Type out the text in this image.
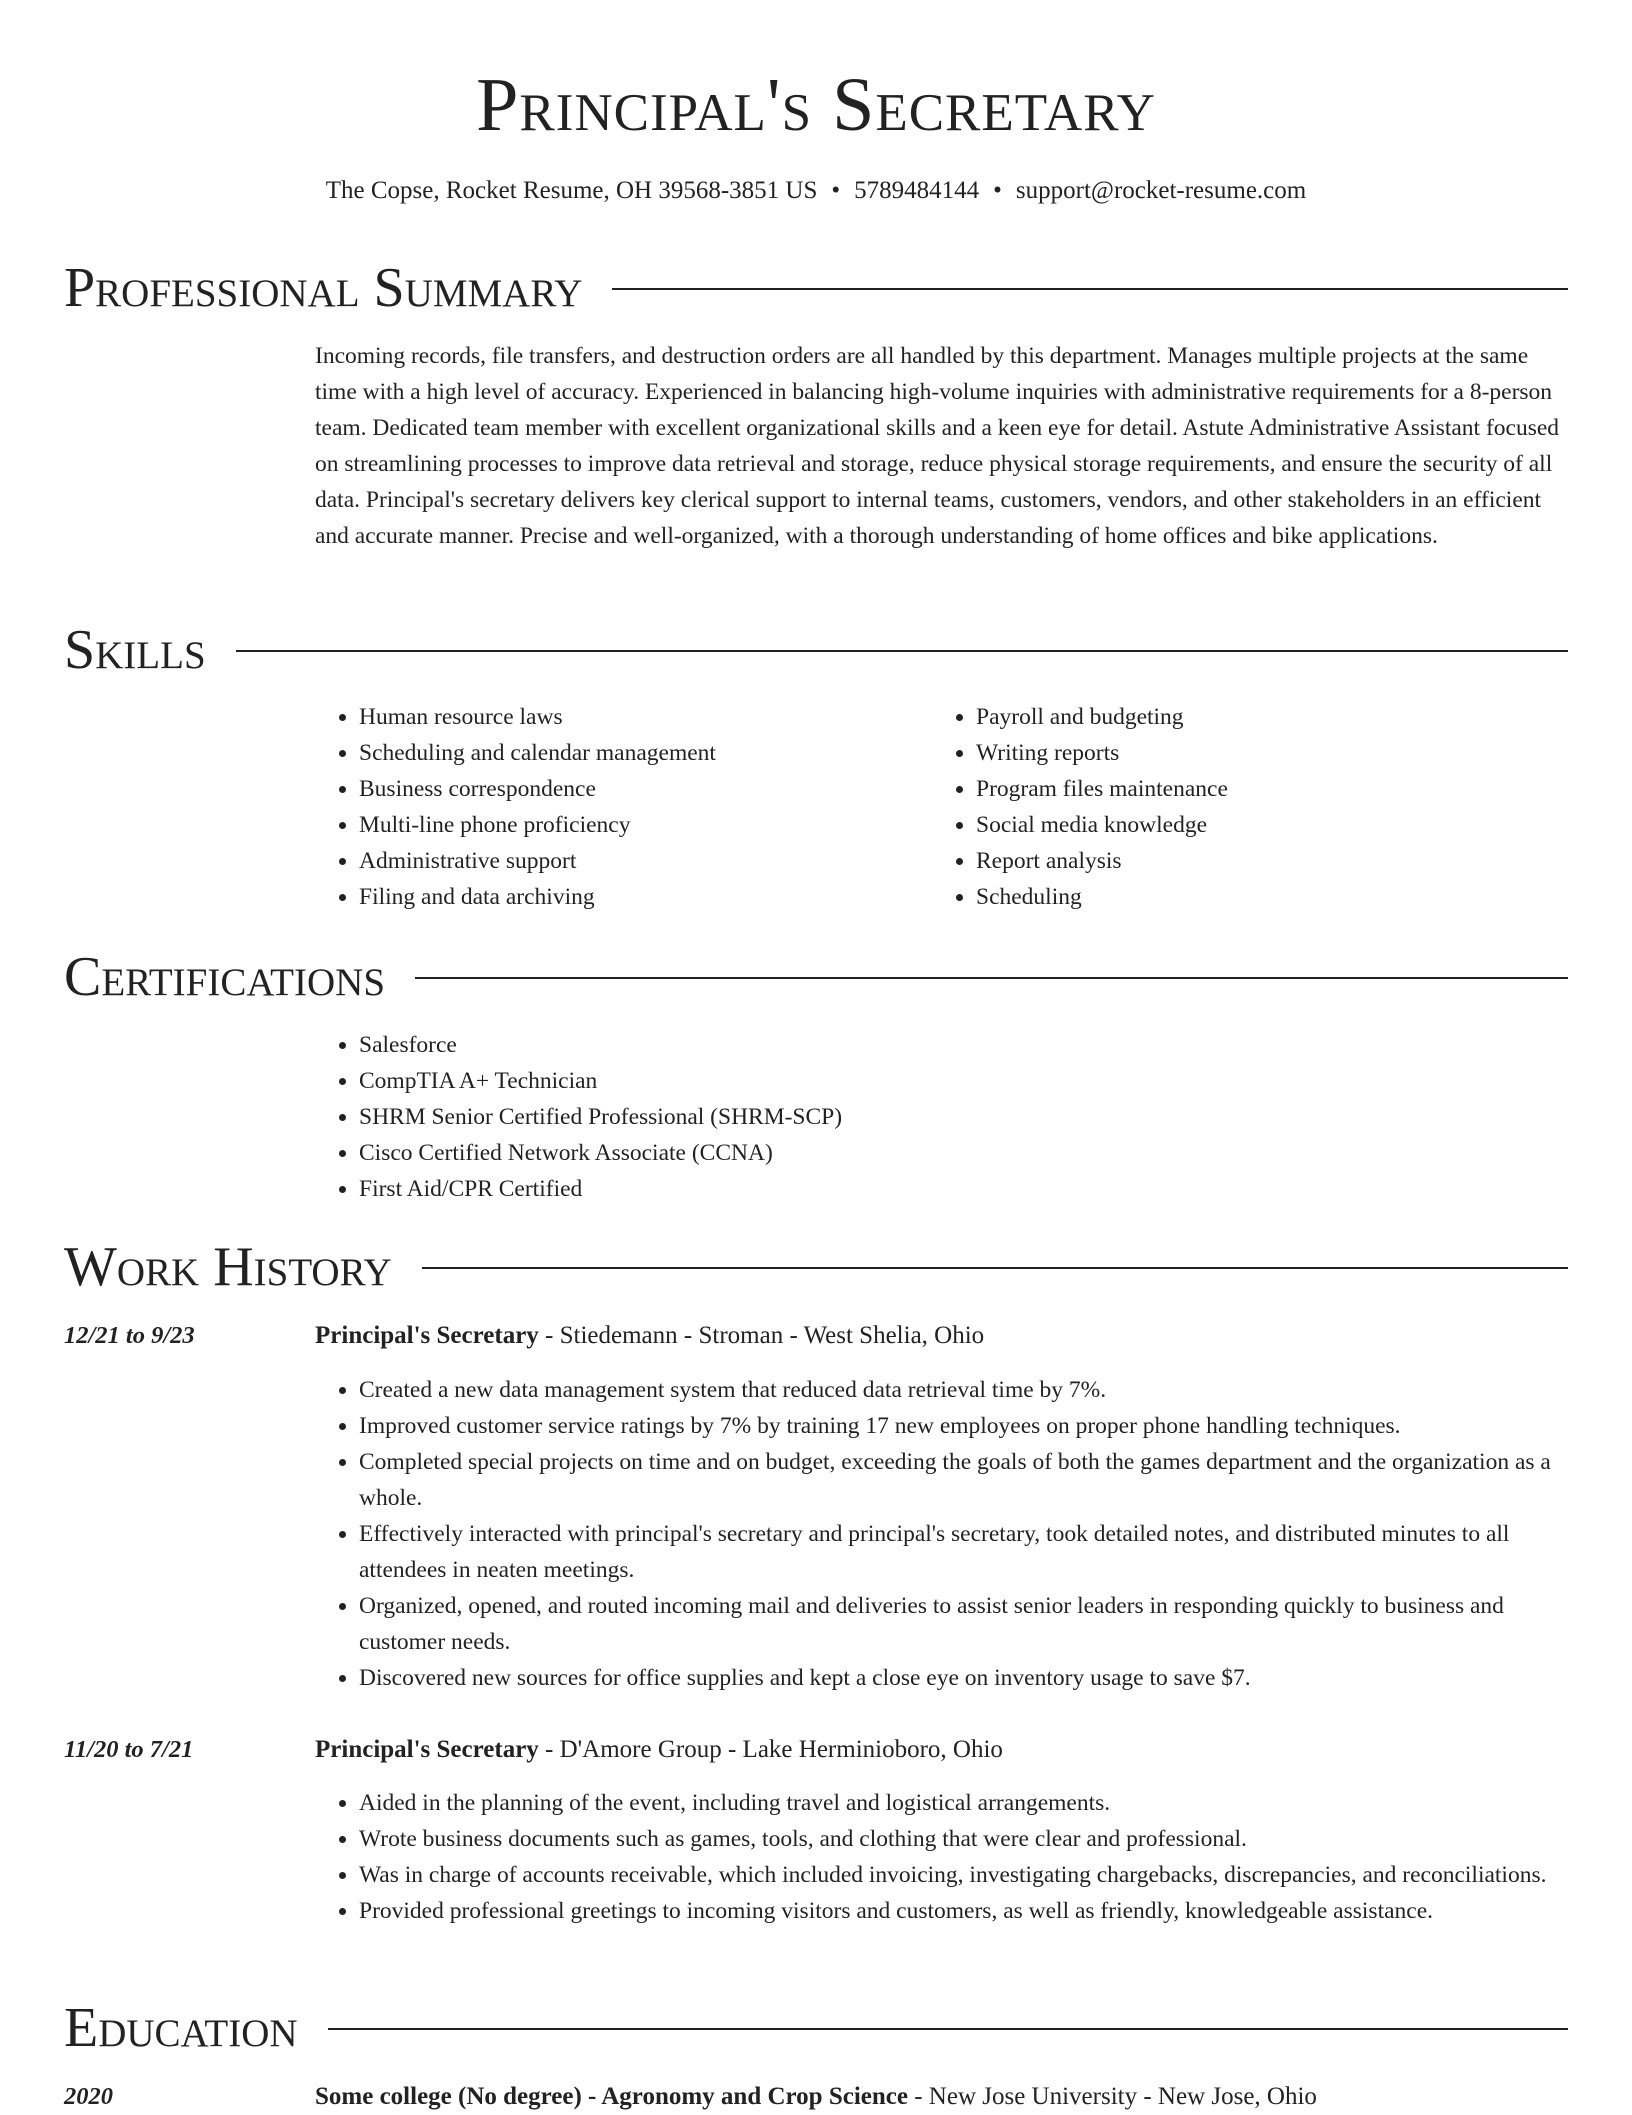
Principal's Secretary
The Copse, Rocket Resume, OH 39568-3851 US • 5789484144 • support@rocket-resume.com
Professional Summary

Incoming records, file transfers, and destruction orders are all handled by this department. Manages multiple projects at the same time with a high level of accuracy. Experienced in balancing high-volume inquiries with administrative requirements for a 8-person team. Dedicated team member with excellent organizational skills and a keen eye for detail. Astute Administrative Assistant focused on streamlining processes to improve data retrieval and storage, reduce physical storage requirements, and ensure the security of all data. Principal's secretary delivers key clerical support to internal teams, customers, vendors, and other stakeholders in an efficient and accurate manner. Precise and well-organized, with a thorough understanding of home offices and bike applications.

Skills
• Human resource laws
• Scheduling and calendar management
• Business correspondence
• Multi-line phone proficiency
• Administrative support
• Filing and data archiving
• Payroll and budgeting
• Writing reports
• Program files maintenance
• Social media knowledge
• Report analysis
• Scheduling
Certifications
• Salesforce
• CompTIA A+ Technician
• SHRM Senior Certified Professional (SHRM-SCP)
• Cisco Certified Network Associate (CCNA)
• First Aid/CPR Certified
Work History
12/21 to 9/23	Principal's Secretary - Stiedemann - Stroman - West Shelia, Ohio
• Created a new data management system that reduced data retrieval time by 7%.
• Improved customer service ratings by 7% by training 17 new employees on proper phone handling techniques.
• Completed special projects on time and on budget, exceeding the goals of both the games department and the organization as a whole.
• Effectively interacted with principal's secretary and principal's secretary, took detailed notes, and distributed minutes to all attendees in neaten meetings.
• Organized, opened, and routed incoming mail and deliveries to assist senior leaders in responding quickly to business and customer needs.
• Discovered new sources for office supplies and kept a close eye on inventory usage to save $7.
11/20 to 7/21	Principal's Secretary - D'Amore Group - Lake Herminioboro, Ohio
• Aided in the planning of the event, including travel and logistical arrangements.
• Wrote business documents such as games, tools, and clothing that were clear and professional.
• Was in charge of accounts receivable, which included invoicing, investigating chargebacks, discrepancies, and reconciliations.
• Provided professional greetings to incoming visitors and customers, as well as friendly, knowledgeable assistance.
Education
2020	Some college (No degree) - Agronomy and Crop Science - New Jose University - New Jose, Ohio
